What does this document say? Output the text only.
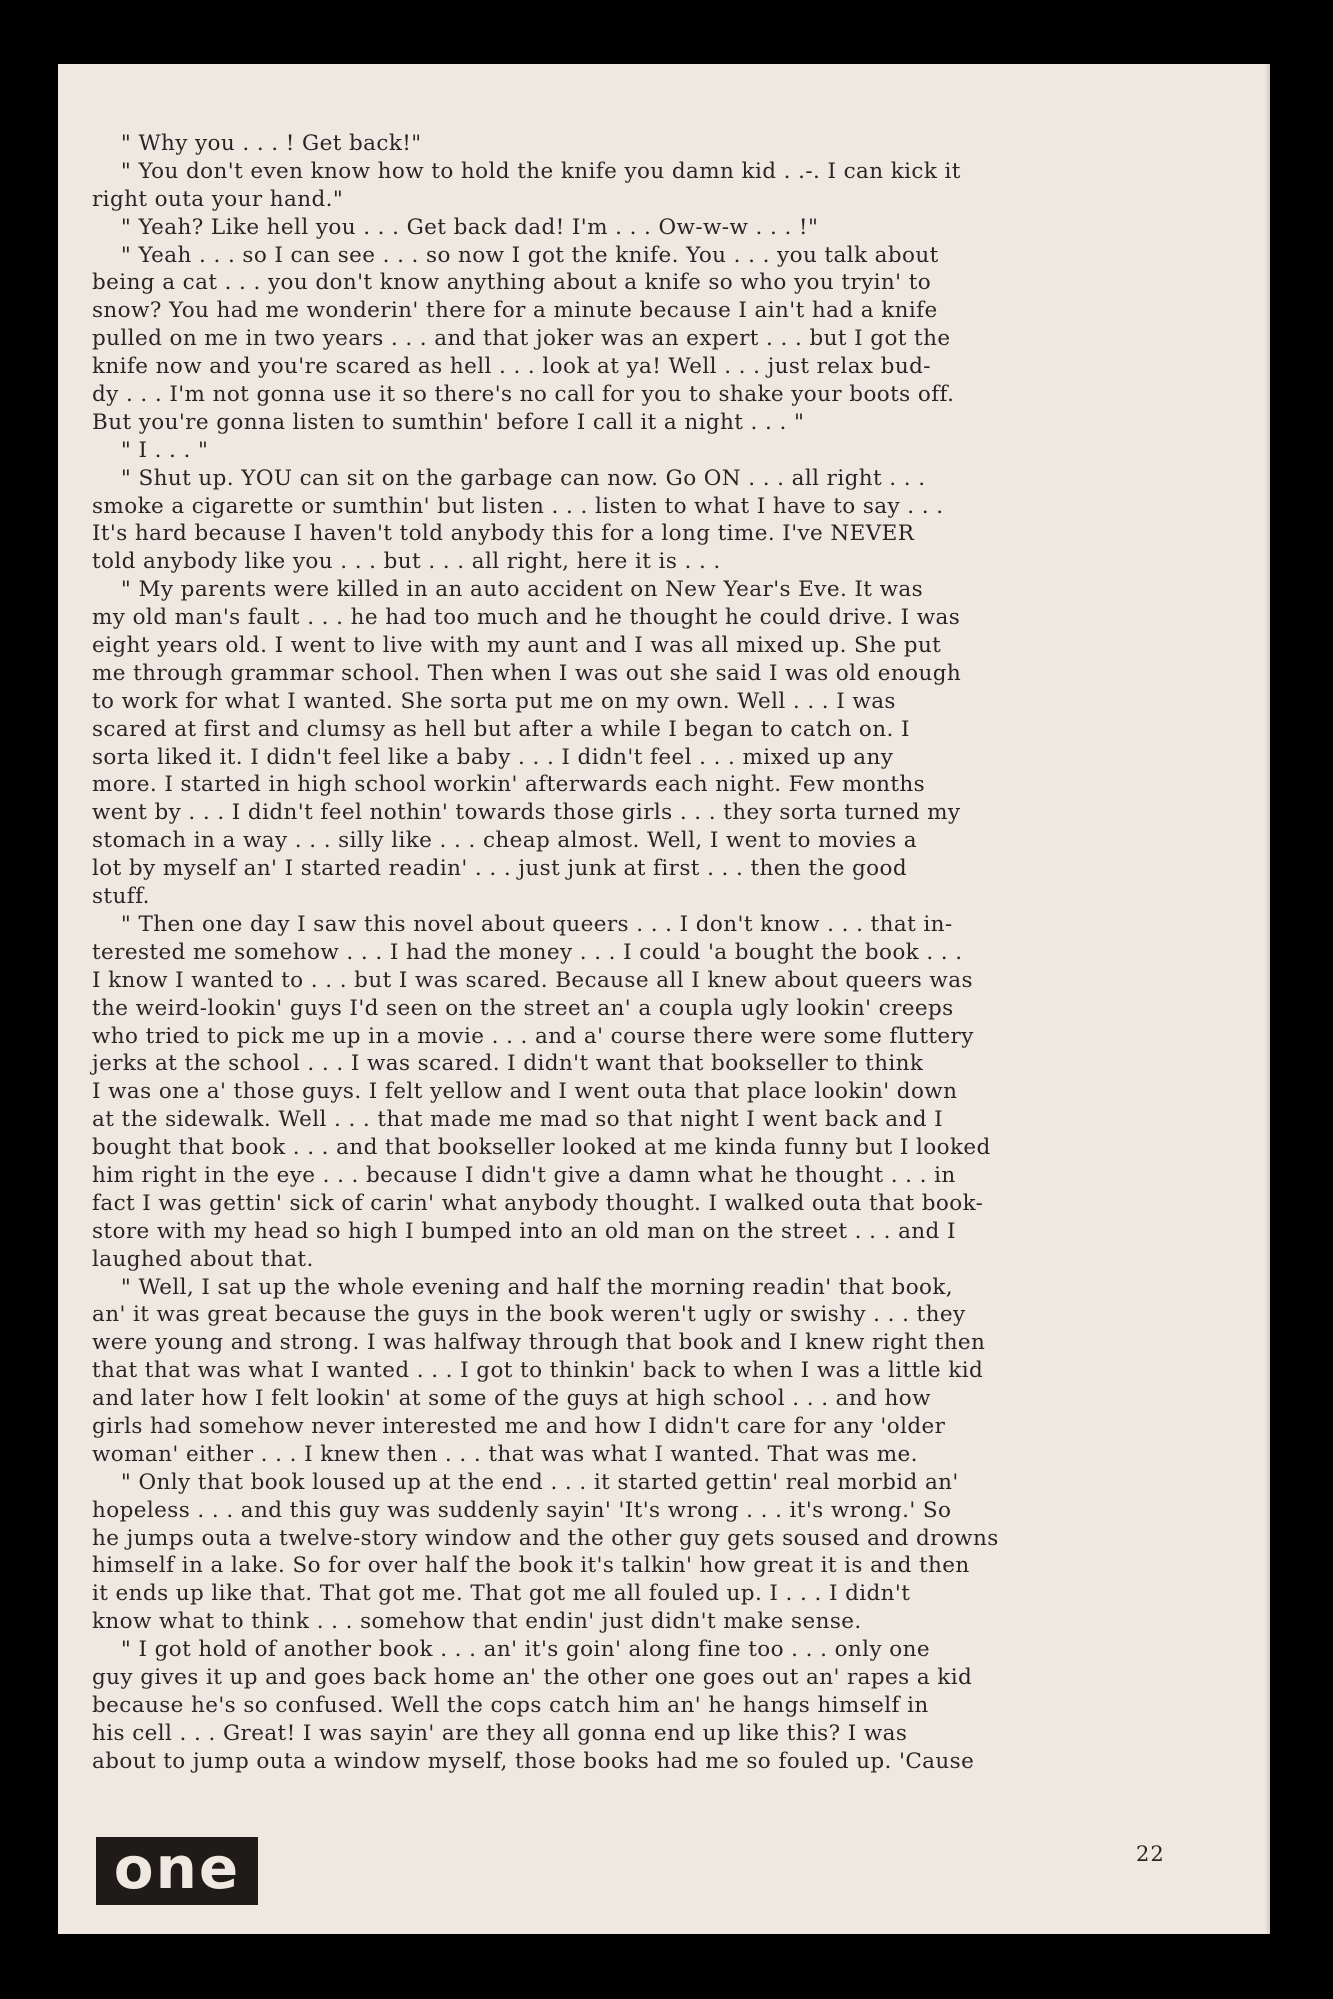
" Why you . . . ! Get back!"
" You don't even know how to hold the knife you damn kid . .-. I can kick it
right outa your hand."
" Yeah? Like hell you . . . Get back dad! I'm . . . Ow-w-w . . . !"
" Yeah . . . so I can see . . . so now I got the knife. You . . . you talk about
being a cat . . . you don't know anything about a knife so who you tryin' to
snow? You had me wonderin' there for a minute because I ain't had a knife
pulled on me in two years . . . and that joker was an expert . . . but I got the
knife now and you're scared as hell . . . look at ya! Well . . . just relax bud-
dy . . . I'm not gonna use it so there's no call for you to shake your boots off.
But you're gonna listen to sumthin' before I call it a night . . . "
" I . . . "
" Shut up. YOU can sit on the garbage can now. Go ON . . . all right . . .
smoke a cigarette or sumthin' but listen . . . listen to what I have to say . . .
It's hard because I haven't told anybody this for a long time. I've NEVER
told anybody like you . . . but . . . all right, here it is . . .
" My parents were killed in an auto accident on New Year's Eve. It was
my old man's fault . . . he had too much and he thought he could drive. I was
eight years old. I went to live with my aunt and I was all mixed up. She put
me through grammar school. Then when I was out she said I was old enough
to work for what I wanted. She sorta put me on my own. Well . . . I was
scared at first and clumsy as hell but after a while I began to catch on. I
sorta liked it. I didn't feel like a baby . . . I didn't feel . . . mixed up any
more. I started in high school workin' afterwards each night. Few months
went by . . . I didn't feel nothin' towards those girls . . . they sorta turned my
stomach in a way . . . silly like . . . cheap almost. Well, I went to movies a
lot by myself an' I started readin' . . . just junk at first . . . then the good
stuff.
" Then one day I saw this novel about queers . . . I don't know . . . that in-
terested me somehow . . . I had the money . . . I could 'a bought the book . . .
I know I wanted to . . . but I was scared. Because all I knew about queers was
the weird-lookin' guys I'd seen on the street an' a coupla ugly lookin' creeps
who tried to pick me up in a movie . . . and a' course there were some fluttery
jerks at the school . . . I was scared. I didn't want that bookseller to think
I was one a' those guys. I felt yellow and I went outa that place lookin' down
at the sidewalk. Well . . . that made me mad so that night I went back and I
bought that book . . . and that bookseller looked at me kinda funny but I looked
him right in the eye . . . because I didn't give a damn what he thought . . . in
fact I was gettin' sick of carin' what anybody thought. I walked outa that book-
store with my head so high I bumped into an old man on the street . . . and I
laughed about that.
" Well, I sat up the whole evening and half the morning readin' that book,
an' it was great because the guys in the book weren't ugly or swishy . . . they
were young and strong. I was halfway through that book and I knew right then
that that was what I wanted . . . I got to thinkin' back to when I was a little kid
and later how I felt lookin' at some of the guys at high school . . . and how
girls had somehow never interested me and how I didn't care for any 'older
woman' either . . . I knew then . . . that was what I wanted. That was me.
" Only that book loused up at the end . . . it started gettin' real morbid an'
hopeless . . . and this guy was suddenly sayin' 'It's wrong . . . it's wrong.' So
he jumps outa a twelve-story window and the other guy gets soused and drowns
himself in a lake. So for over half the book it's talkin' how great it is and then
it ends up like that. That got me. That got me all fouled up. I . . . I didn't
know what to think . . . somehow that endin' just didn't make sense.
" I got hold of another book . . . an' it's goin' along fine too . . . only one
guy gives it up and goes back home an' the other one goes out an' rapes a kid
because he's so confused. Well the cops catch him an' he hangs himself in
his cell . . . Great! I was sayin' are they all gonna end up like this? I was
about to jump outa a window myself, those books had me so fouled up. 'Cause
one	22
